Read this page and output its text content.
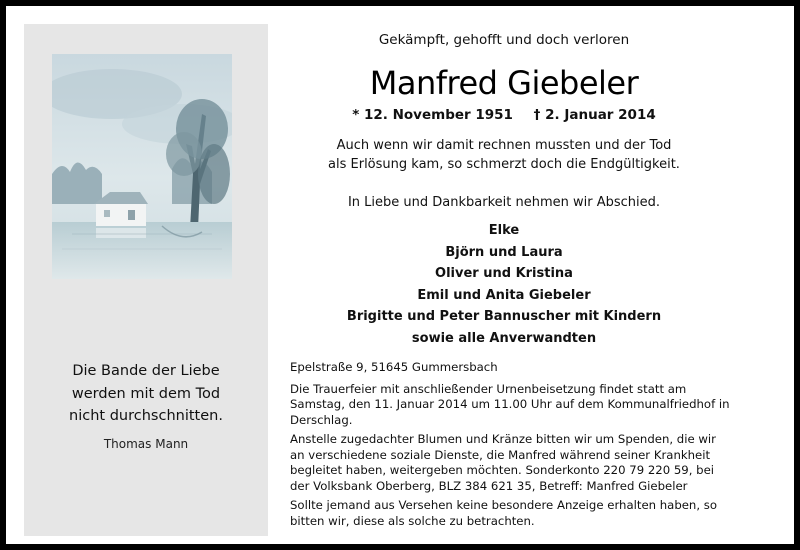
Die Bande der Liebe
werden mit dem Tod
nicht durchschnitten.
Thomas Mann
Gekämpft, gehofft und doch verloren
Manfred Giebeler
* 12. November 1951 † 2. Januar 2014
Auch wenn wir damit rechnen mussten und der Tod
als Erlösung kam, so schmerzt doch die Endgültigkeit.
In Liebe und Dankbarkeit nehmen wir Abschied.
Elke
Björn und Laura
Oliver und Kristina
Emil und Anita Giebeler
Brigitte und Peter Bannuscher mit Kindern
sowie alle Anverwandten

Epelstraße 9, 51645 Gummersbach

Die Trauerfeier mit anschließender Urnenbeisetzung findet statt am Samstag, den 11. Januar 2014 um 11.00 Uhr auf dem Kommunalfriedhof in Derschlag.

Anstelle zugedachter Blumen und Kränze bitten wir um Spenden, die wir an verschiedene soziale Dienste, die Manfred während seiner Krankheit begleitet haben, weitergeben möchten. Sonderkonto 220 79 220 59, bei der Volksbank Oberberg, BLZ 384 621 35, Betreff: Manfred Giebeler

Sollte jemand aus Versehen keine besondere Anzeige erhalten haben, so bitten wir, diese als solche zu betrachten.
